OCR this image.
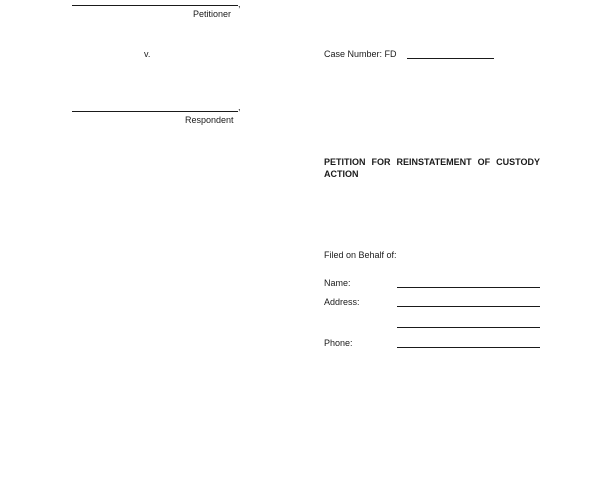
,
Petitioner
v.	Case Number: FD
,
Respondent
PETITION FOR REINSTATEMENT OF CUSTODY
ACTION
Filed on Behalf of:
Name:
Address:
Phone:
